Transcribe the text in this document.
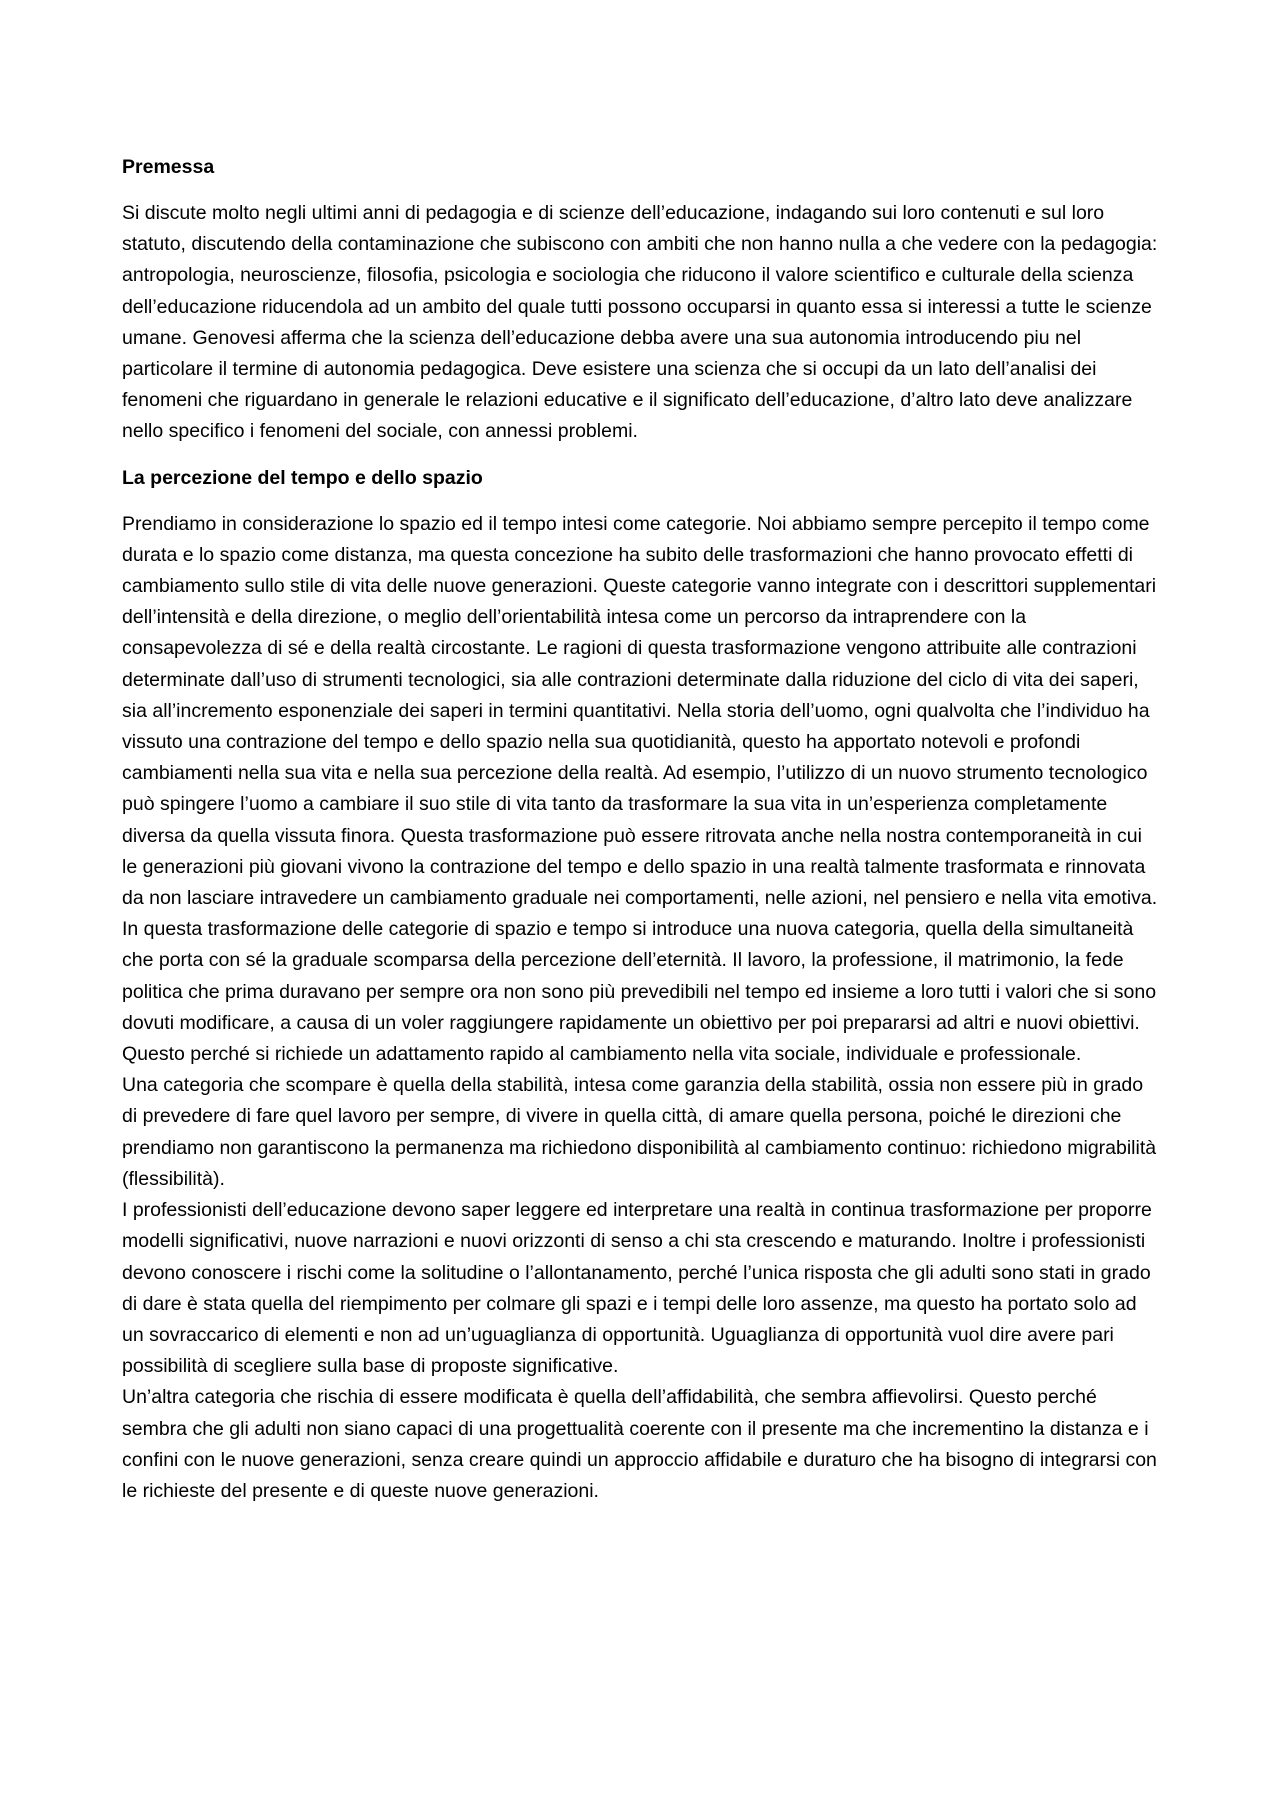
Premessa

Si discute molto negli ultimi anni di pedagogia e di scienze dell’educazione, indagando sui loro contenuti e sul loro statuto, discutendo della contaminazione che subiscono con ambiti che non hanno nulla a che vedere con la pedagogia: antropologia, neuroscienze, filosofia, psicologia e sociologia che riducono il valore scientifico e culturale della scienza dell’educazione riducendola ad un ambito del quale tutti possono occuparsi in quanto essa si interessi a tutte le scienze umane. Genovesi afferma che la scienza dell’educazione debba avere una sua autonomia introducendo piu nel particolare il termine di autonomia pedagogica. Deve esistere una scienza che si occupi da un lato dell’analisi dei fenomeni che riguardano in generale le relazioni educative e il significato dell’educazione, d’altro lato deve analizzare nello specifico i fenomeni del sociale, con annessi problemi.

La percezione del tempo e dello spazio

Prendiamo in considerazione lo spazio ed il tempo intesi come categorie. Noi abbiamo sempre percepito il tempo come durata e lo spazio come distanza, ma questa concezione ha subito delle trasformazioni che hanno provocato effetti di cambiamento sullo stile di vita delle nuove generazioni. Queste categorie vanno integrate con i descrittori supplementari dell’intensità e della direzione, o meglio dell’orientabilità intesa come un percorso da intraprendere con la consapevolezza di sé e della realtà circostante. Le ragioni di questa trasformazione vengono attribuite alle contrazioni determinate dall’uso di strumenti tecnologici, sia alle contrazioni determinate dalla riduzione del ciclo di vita dei saperi, sia all’incremento esponenziale dei saperi in termini quantitativi. Nella storia dell’uomo, ogni qualvolta che l’individuo ha vissuto una contrazione del tempo e dello spazio nella sua quotidianità, questo ha apportato notevoli e profondi cambiamenti nella sua vita e nella sua percezione della realtà. Ad esempio, l’utilizzo di un nuovo strumento tecnologico può spingere l’uomo a cambiare il suo stile di vita tanto da trasformare la sua vita in un’esperienza completamente diversa da quella vissuta finora. Questa trasformazione può essere ritrovata anche nella nostra contemporaneità in cui le generazioni più giovani vivono la contrazione del tempo e dello spazio in una realtà talmente trasformata e rinnovata da non lasciare intravedere un cambiamento graduale nei comportamenti, nelle azioni, nel pensiero e nella vita emotiva.

In questa trasformazione delle categorie di spazio e tempo si introduce una nuova categoria, quella della simultaneità che porta con sé la graduale scomparsa della percezione dell’eternità. Il lavoro, la professione, il matrimonio, la fede politica che prima duravano per sempre ora non sono più prevedibili nel tempo ed insieme a loro tutti i valori che si sono dovuti modificare, a causa di un voler raggiungere rapidamente un obiettivo per poi prepararsi ad altri e nuovi obiettivi. Questo perché si richiede un adattamento rapido al cambiamento nella vita sociale, individuale e professionale.

Una categoria che scompare è quella della stabilità, intesa come garanzia della stabilità, ossia non essere più in grado di prevedere di fare quel lavoro per sempre, di vivere in quella città, di amare quella persona, poiché le direzioni che prendiamo non garantiscono la permanenza ma richiedono disponibilità al cambiamento continuo: richiedono migrabilità (flessibilità).

I professionisti dell’educazione devono saper leggere ed interpretare una realtà in continua trasformazione per proporre modelli significativi, nuove narrazioni e nuovi orizzonti di senso a chi sta crescendo e maturando. Inoltre i professionisti devono conoscere i rischi come la solitudine o l’allontanamento, perché l’unica risposta che gli adulti sono stati in grado di dare è stata quella del riempimento per colmare gli spazi e i tempi delle loro assenze, ma questo ha portato solo ad un sovraccarico di elementi e non ad un’uguaglianza di opportunità. Uguaglianza di opportunità vuol dire avere pari possibilità di scegliere sulla base di proposte significative.

Un’altra categoria che rischia di essere modificata è quella dell’affidabilità, che sembra affievolirsi. Questo perché sembra che gli adulti non siano capaci di una progettualità coerente con il presente ma che incrementino la distanza e i confini con le nuove generazioni, senza creare quindi un approccio affidabile e duraturo che ha bisogno di integrarsi con le richieste del presente e di queste nuove generazioni.
